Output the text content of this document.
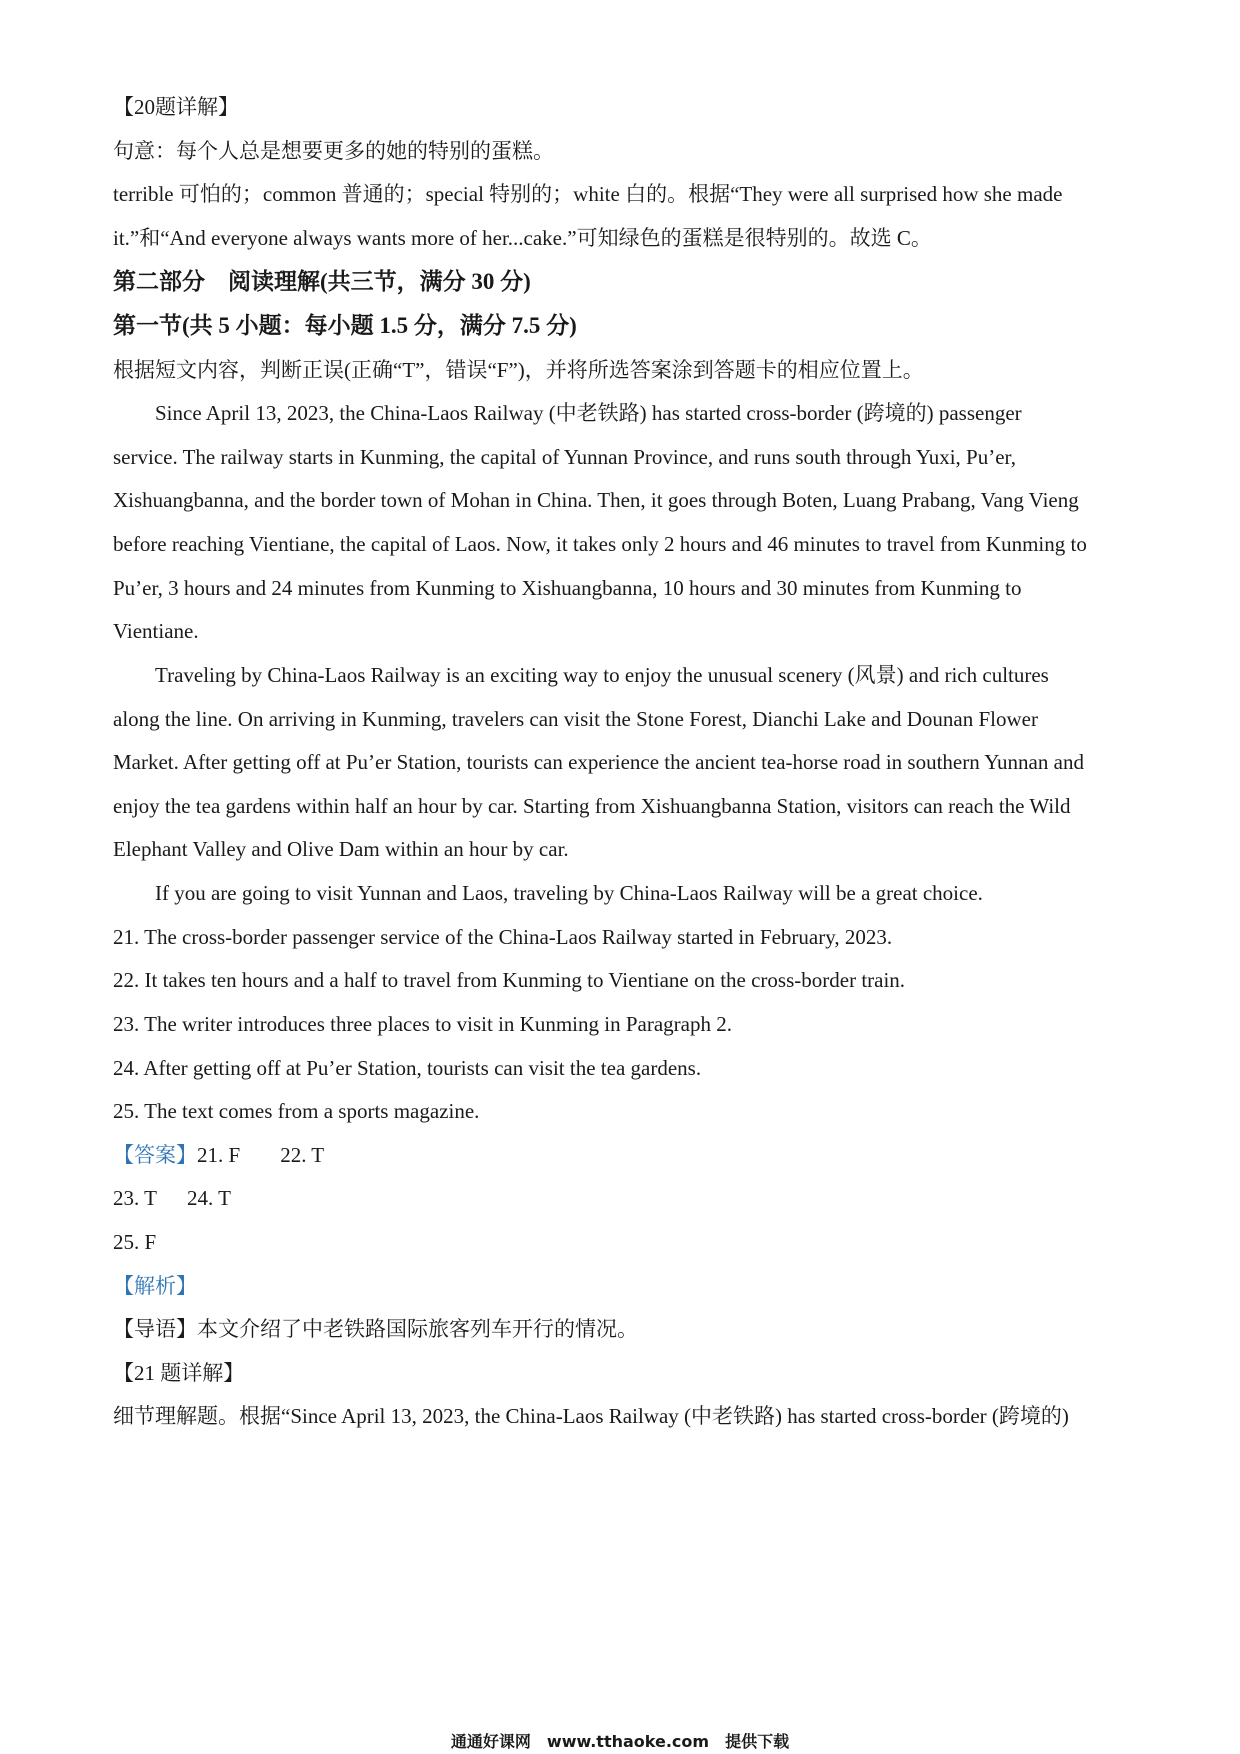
【20题详解】
句意：每个人总是想要更多的她的特别的蛋糕。
terrible 可怕的；common 普通的；special 特别的；white 白的。根据“They were all surprised how she made
it.”和“And everyone always wants more of her...cake.”可知绿色的蛋糕是很特别的。故选 C。
第二部分　阅读理解(共三节，满分 30 分)
第一节(共 5 小题：每小题 1.5 分，满分 7.5 分)
根据短文内容，判断正误(正确“T”，错误“F”)，并将所选答案涂到答题卡的相应位置上。
Since April 13, 2023, the China-Laos Railway (中老铁路) has started cross-border (跨境的) passenger
service. The railway starts in Kunming, the capital of Yunnan Province, and runs south through Yuxi, Pu’er,
Xishuangbanna, and the border town of Mohan in China. Then, it goes through Boten, Luang Prabang, Vang Vieng
before reaching Vientiane, the capital of Laos. Now, it takes only 2 hours and 46 minutes to travel from Kunming to
Pu’er, 3 hours and 24 minutes from Kunming to Xishuangbanna, 10 hours and 30 minutes from Kunming to
Vientiane.
Traveling by China-Laos Railway is an exciting way to enjoy the unusual scenery (风景) and rich cultures
along the line. On arriving in Kunming, travelers can visit the Stone Forest, Dianchi Lake and Dounan Flower
Market. After getting off at Pu’er Station, tourists can experience the ancient tea-horse road in southern Yunnan and
enjoy the tea gardens within half an hour by car. Starting from Xishuangbanna Station, visitors can reach the Wild
Elephant Valley and Olive Dam within an hour by car.
If you are going to visit Yunnan and Laos, traveling by China-Laos Railway will be a great choice.
21. The cross-border passenger service of the China-Laos Railway started in February, 2023.
22. It takes ten hours and a half to travel from Kunming to Vientiane on the cross-border train.
23. The writer introduces three places to visit in Kunming in Paragraph 2.
24. After getting off at Pu’er Station, tourists can visit the tea gardens.
25. The text comes from a sports magazine.
【答案】21. F 22. T
23. T 24. T
25. F
【解析】
【导语】本文介绍了中老铁路国际旅客列车开行的情况。
【21 题详解】
细节理解题。根据“Since April 13, 2023, the China-Laos Railway (中老铁路) has started cross-border (跨境的)
通通好课网　www.tthaoke.com　提供下载
